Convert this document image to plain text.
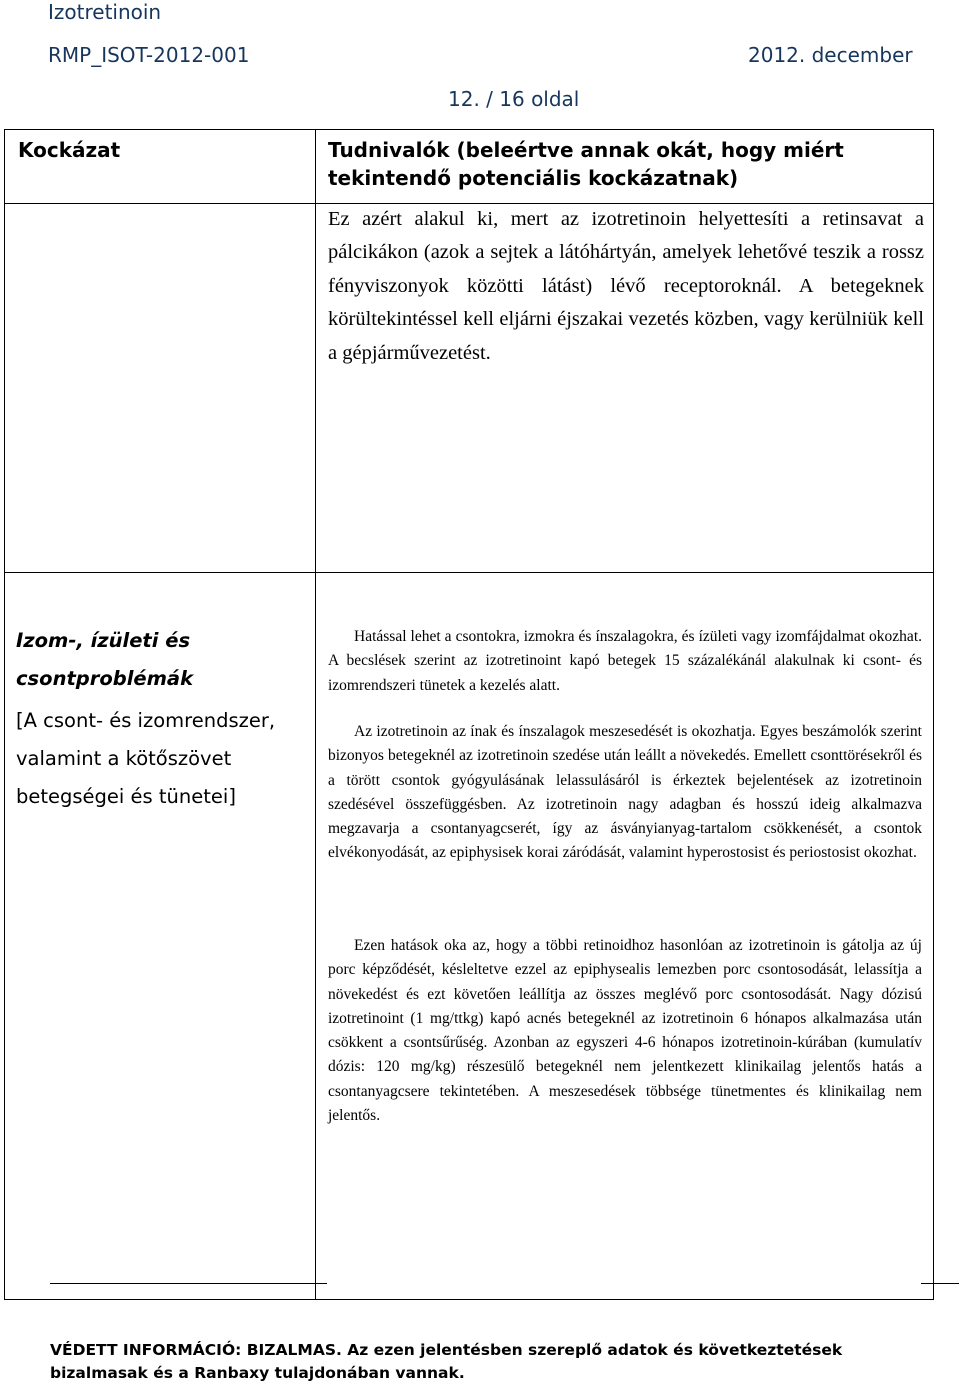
Izotretinoin
RMP_ISOT-2012-001	2012. december
12. / 16 oldal
Kockázat	Tudnivalók (beleértve annak okát, hogy miért tekintendő potenciális kockázatnak)
Ez azért alakul ki, mert az izotretinoin helyettesíti a retinsavat a pálcikákon (azok a sejtek a látóhártyán, amelyek lehetővé teszik a rossz fényviszonyok közötti látást) lévő receptoroknál. A betegeknek körültekintéssel kell eljárni éjszakai vezetés közben, vagy kerülniük kell a gépjárművezetést.
Izom-, ízületi és csontproblémák
[A csont- és izomrendszer, valamint a kötőszövet betegségei és tünetei]

Hatással lehet a csontokra, izmokra és ínszalagokra, és ízületi vagy izomfájdalmat okozhat. A becslések szerint az izotretinoint kapó betegek 15 százalékánál alakulnak ki csont- és izomrendszeri tünetek a kezelés alatt.

Az izotretinoin az ínak és ínszalagok meszesedését is okozhatja. Egyes beszámolók szerint bizonyos betegeknél az izotretinoin szedése után leállt a növekedés. Emellett csonttörésekről és a törött csontok gyógyulásának lelassulásáról is érkeztek bejelentések az izotretinoin szedésével összefüggésben. Az izotretinoin nagy adagban és hosszú ideig alkalmazva megzavarja a csontanyagcserét, így az ásványianyag-tartalom csökkenését, a csontok elvékonyodását, az epiphysisek korai záródását, valamint hyperostosist és periostosist okozhat.

Ezen hatások oka az, hogy a többi retinoidhoz hasonlóan az izotretinoin is gátolja az új porc képződését, késleltetve ezzel az epiphysealis lemezben porc csontosodását, lelassítja a növekedést és ezt követően leállítja az összes meglévő porc csontosodását. Nagy dózisú izotretinoint (1 mg/ttkg) kapó acnés betegeknél az izotretinoin 6 hónapos alkalmazása után csökkent a csontsűrűség. Azonban az egyszeri 4-6 hónapos izotretinoin-kúrában (kumulatív dózis: 120 mg/kg) részesülő betegeknél nem jelentkezett klinikailag jelentős hatás a csontanyagcsere tekintetében. A meszesedések többsége tünetmentes és klinikailag nem jelentős.

VÉDETT INFORMÁCIÓ: BIZALMAS. Az ezen jelentésben szereplő adatok és következtetések bizalmasak és a Ranbaxy tulajdonában vannak.
